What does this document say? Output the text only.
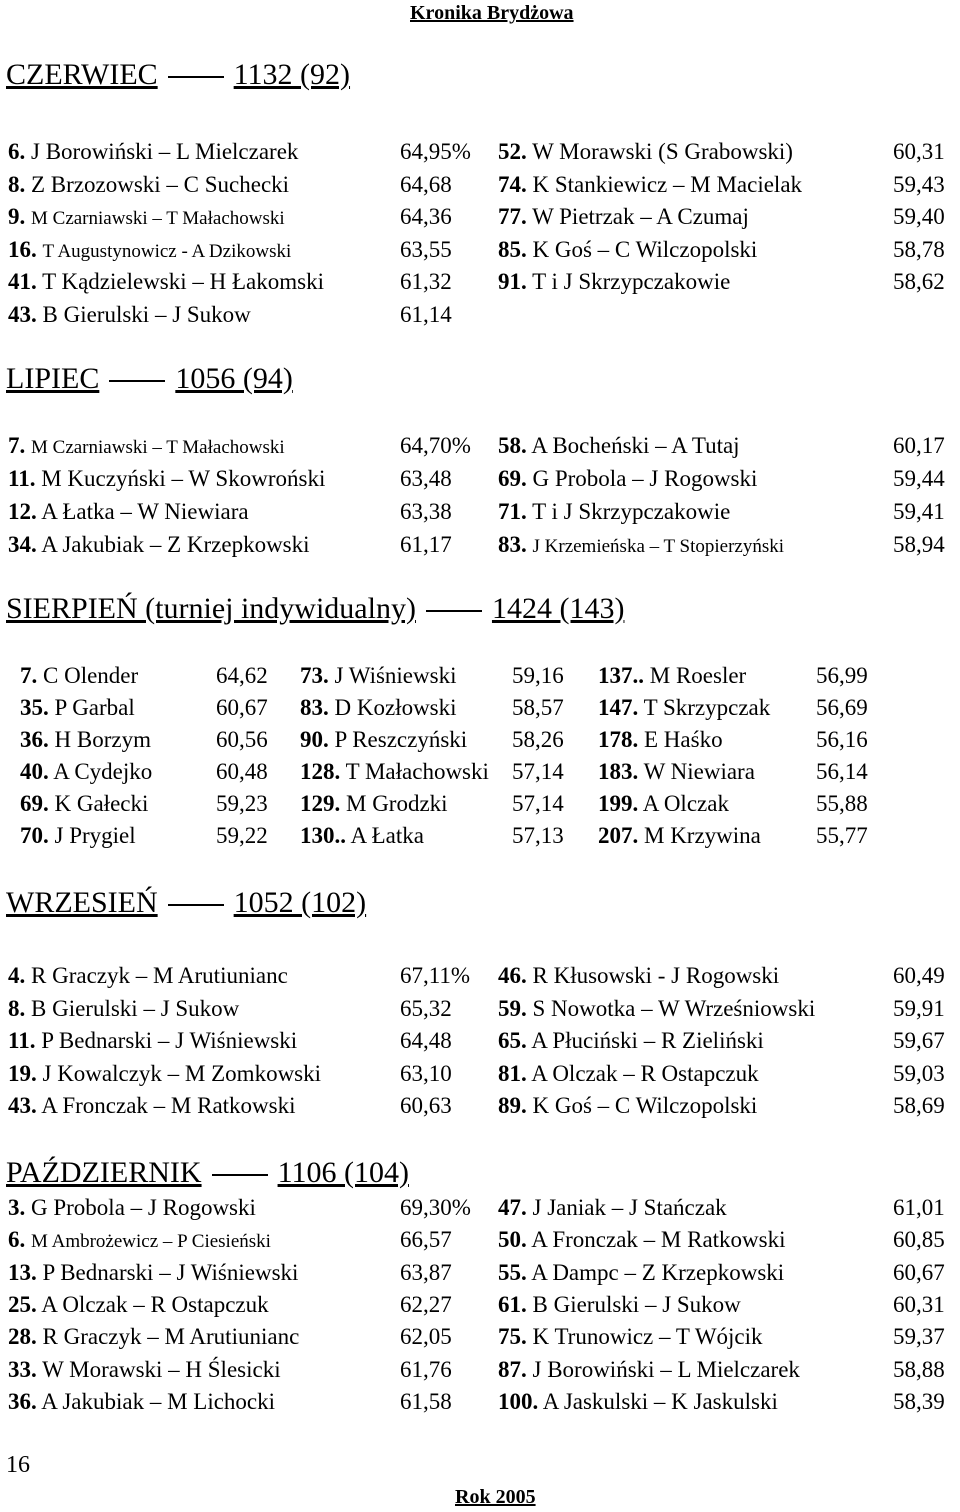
Kronika Brydżowa
CZERWIEC	1132 (92)
6. J Borowiński – L Mielczarek	64,95%
8. Z Brzozowski – C Suchecki	64,68
9. M Czarniawski – T Małachowski	64,36
16. T Augustynowicz - A Dzikowski	63,55
41. T Kądzielewski – H Łakomski	61,32
43. B Gierulski – J Sukow	61,14
52. W Morawski (S Grabowski)	60,31
74. K Stankiewicz – M Macielak	59,43
77. W Pietrzak – A Czumaj	59,40
85. K Goś – C Wilczopolski	58,78
91. T i J Skrzypczakowie	58,62
LIPIEC	1056 (94)
7. M Czarniawski – T Małachowski	64,70%
11. M Kuczyński – W Skowroński	63,48
12. A Łatka – W Niewiara	63,38
34. A Jakubiak – Z Krzepkowski	61,17
58. A Bocheński – A Tutaj	60,17
69. G Probola – J Rogowski	59,44
71. T i J Skrzypczakowie	59,41
83. J Krzemieńska – T Stopierzyński	58,94
SIERPIEŃ (turniej indywidualny)	1424 (143)
7. C Olender	64,62
35. P Garbal	60,67
36. H Borzym	60,56
40. A Cydejko	60,48
69. K Gałecki	59,23
70. J Prygiel	59,22
73. J Wiśniewski 59,16
83. D Kozłowski 58,57
90. P Reszczyński 58,26
128. T Małachowski 57,14
129. M Grodzki	57,14
130.. A Łatka	57,13
137.. M Roesler	56,99
147. T Skrzypczak 56,69
178. E Haśko	56,16
183. W Niewiara	56,14
199. A Olczak	55,88
207. M Krzywina 55,77
WRZESIEŃ	1052 (102)
4. R Graczyk – M Arutiunianc	67,11%
8. B Gierulski – J Sukow	65,32
11. P Bednarski – J Wiśniewski	64,48
19. J Kowalczyk – M Zomkowski	63,10
43. A Fronczak – M Ratkowski	60,63
46. R Kłusowski - J Rogowski	60,49
59. S Nowotka – W Wrześniowski	59,91
65. A Płuciński – R Zieliński	59,67
81. A Olczak – R Ostapczuk	59,03
89. K Goś – C Wilczopolski	58,69
PAŹDZIERNIK	1106 (104)
3. G Probola – J Rogowski	69,30%
6. M Ambrożewicz – P Ciesieński	66,57
13. P Bednarski – J Wiśniewski	63,87
25. A Olczak – R Ostapczuk	62,27
28. R Graczyk – M Arutiunianc	62,05
33. W Morawski – H Ślesicki	61,76
36. A Jakubiak – M Lichocki	61,58
47. J Janiak – J Stańczak	61,01
50. A Fronczak – M Ratkowski	60,85
55. A Dampc – Z Krzepkowski	60,67
61. B Gierulski – J Sukow	60,31
75. K Trunowicz – T Wójcik	59,37
87. J Borowiński – L Mielczarek	58,88
100. A Jaskulski – K Jaskulski	58,39
16
Rok 2005
